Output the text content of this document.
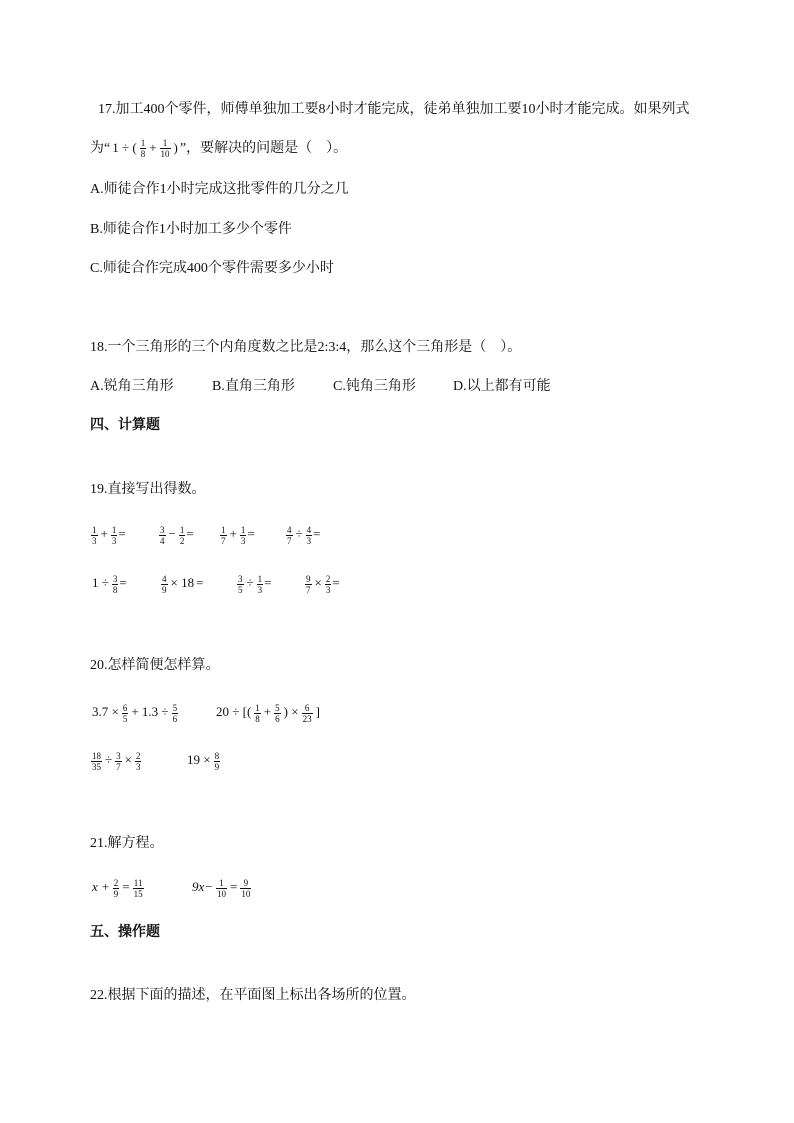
17.加工400个零件，师傅单独加工要8小时才能完成，徒弟单独加工要10小时才能完成。如果列式
为“ 1 ÷ ( $\frac{1}{8} + \frac{1}{10}$ ) ”，要解决的问题是（　）。
A.师徒合作1小时完成这批零件的几分之几
B.师徒合作1小时加工多少个零件
C.师徒合作完成400个零件需要多少小时
18.一个三角形的三个内角度数之比是2:3:4，那么这个三角形是（　）。
A.锐角三角形	B.直角三角形	C.钝角三角形	D.以上都有可能
四、计算题
19.直接写出得数。
$\frac{1}{3} + \frac{1}{3}$ =	$\frac{3}{4} - \frac{1}{2}$ =	$\frac{1}{7} + \frac{1}{3}$ =	$\frac{4}{7} \div \frac{4}{3}$ =
$1 \div \frac{3}{8}$ =	$\frac{4}{9} \times 18$ =	$\frac{3}{5} \div \frac{1}{3}$ =	$\frac{9}{7} \times \frac{2}{3}$ =
20.怎样简便怎样算。
$3.7 \times \frac{6}{5} + 1.3 \div \frac{5}{6}$	20 ÷ [( $\frac{1}{8} + \frac{5}{6}$ ) × $\frac{6}{23}$ ]
$\frac{18}{35} \div \frac{3}{7} \times \frac{2}{3}$	$19 \times \frac{8}{9}$
21.解方程。
$x + \frac{2}{9} = \frac{11}{15}$	$9x- \frac{1}{10} = \frac{9}{10}$
五、操作题
22.根据下面的描述，在平面图上标出各场所的位置。
